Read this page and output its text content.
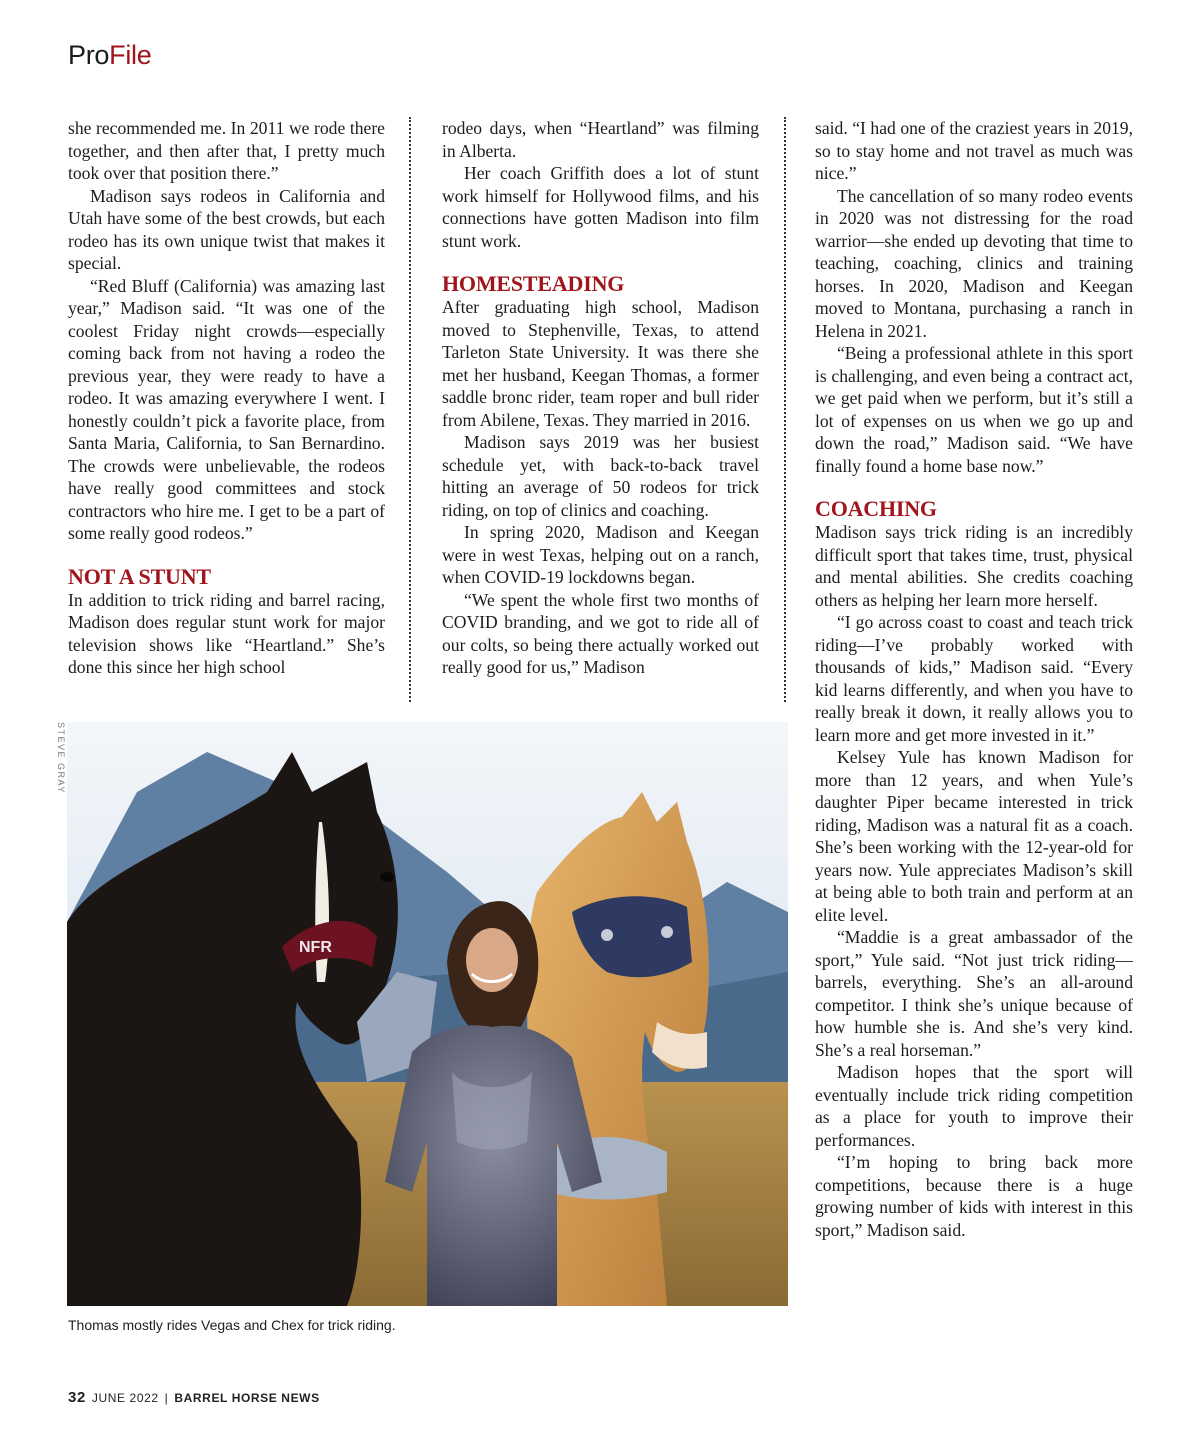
ProFile

she recommended me. In 2011 we rode there together, and then after that, I pretty much took over that position there.”

Madison says rodeos in California and Utah have some of the best crowds, but each rodeo has its own unique twist that makes it special.

“Red Bluff (California) was amazing last year,” Madison said. “It was one of the coolest Friday night crowds—especially coming back from not having a rodeo the previous year, they were ready to have a rodeo. It was amazing everywhere I went. I honestly couldn’t pick a favorite place, from Santa Maria, California, to San Bernardino. The crowds were unbelievable, the rodeos have really good committees and stock contractors who hire me. I get to be a part of some really good rodeos.”

NOT A STUNT

In addition to trick riding and barrel racing, Madison does regular stunt work for major television shows like “Heartland.” She’s done this since her high school

rodeo days, when “Heartland” was filming in Alberta.

Her coach Griffith does a lot of stunt work himself for Hollywood films, and his connections have gotten Madison into film stunt work.

HOMESTEADING

After graduating high school, Madison moved to Stephenville, Texas, to attend Tarleton State University. It was there she met her husband, Keegan Thomas, a former saddle bronc rider, team roper and bull rider from Abilene, Texas. They married in 2016.

Madison says 2019 was her busiest schedule yet, with back-to-back travel hitting an average of 50 rodeos for trick riding, on top of clinics and coaching.

In spring 2020, Madison and Keegan were in west Texas, helping out on a ranch, when COVID-19 lockdowns began.

“We spent the whole first two months of COVID branding, and we got to ride all of our colts, so being there actually worked out really good for us,” Madison

said. “I had one of the craziest years in 2019, so to stay home and not travel as much was nice.”

The cancellation of so many rodeo events in 2020 was not distressing for the road warrior—she ended up devoting that time to teaching, coaching, clinics and training horses. In 2020, Madison and Keegan moved to Montana, purchasing a ranch in Helena in 2021.

“Being a professional athlete in this sport is challenging, and even being a contract act, we get paid when we perform, but it’s still a lot of expenses on us when we go up and down the road,” Madison said. “We have finally found a home base now.”

COACHING

Madison says trick riding is an incredibly difficult sport that takes time, trust, physical and mental abilities. She credits coaching others as helping her learn more herself.

“I go across coast to coast and teach trick riding—I’ve probably worked with thousands of kids,” Madison said. “Every kid learns differently, and when you have to really break it down, it really allows you to learn more and get more invested in it.”

Kelsey Yule has known Madison for more than 12 years, and when Yule’s daughter Piper became interested in trick riding, Madison was a natural fit as a coach. She’s been working with the 12-year-old for years now. Yule appreciates Madison’s skill at being able to both train and perform at an elite level.

“Maddie is a great ambassador of the sport,” Yule said. “Not just trick riding—barrels, everything. She’s an all-around competitor. I think she’s unique because of how humble she is. And she’s very kind. She’s a real horseman.”

Madison hopes that the sport will eventually include trick riding competition as a place for youth to improve their performances.

“I’m hoping to bring back more competitions, because there is a huge growing number of kids with interest in this sport,” Madison said.

STEVE GRAY
NFR
Thomas mostly rides Vegas and Chex for trick riding.
32 JUNE 2022 | BARREL HORSE NEWS
